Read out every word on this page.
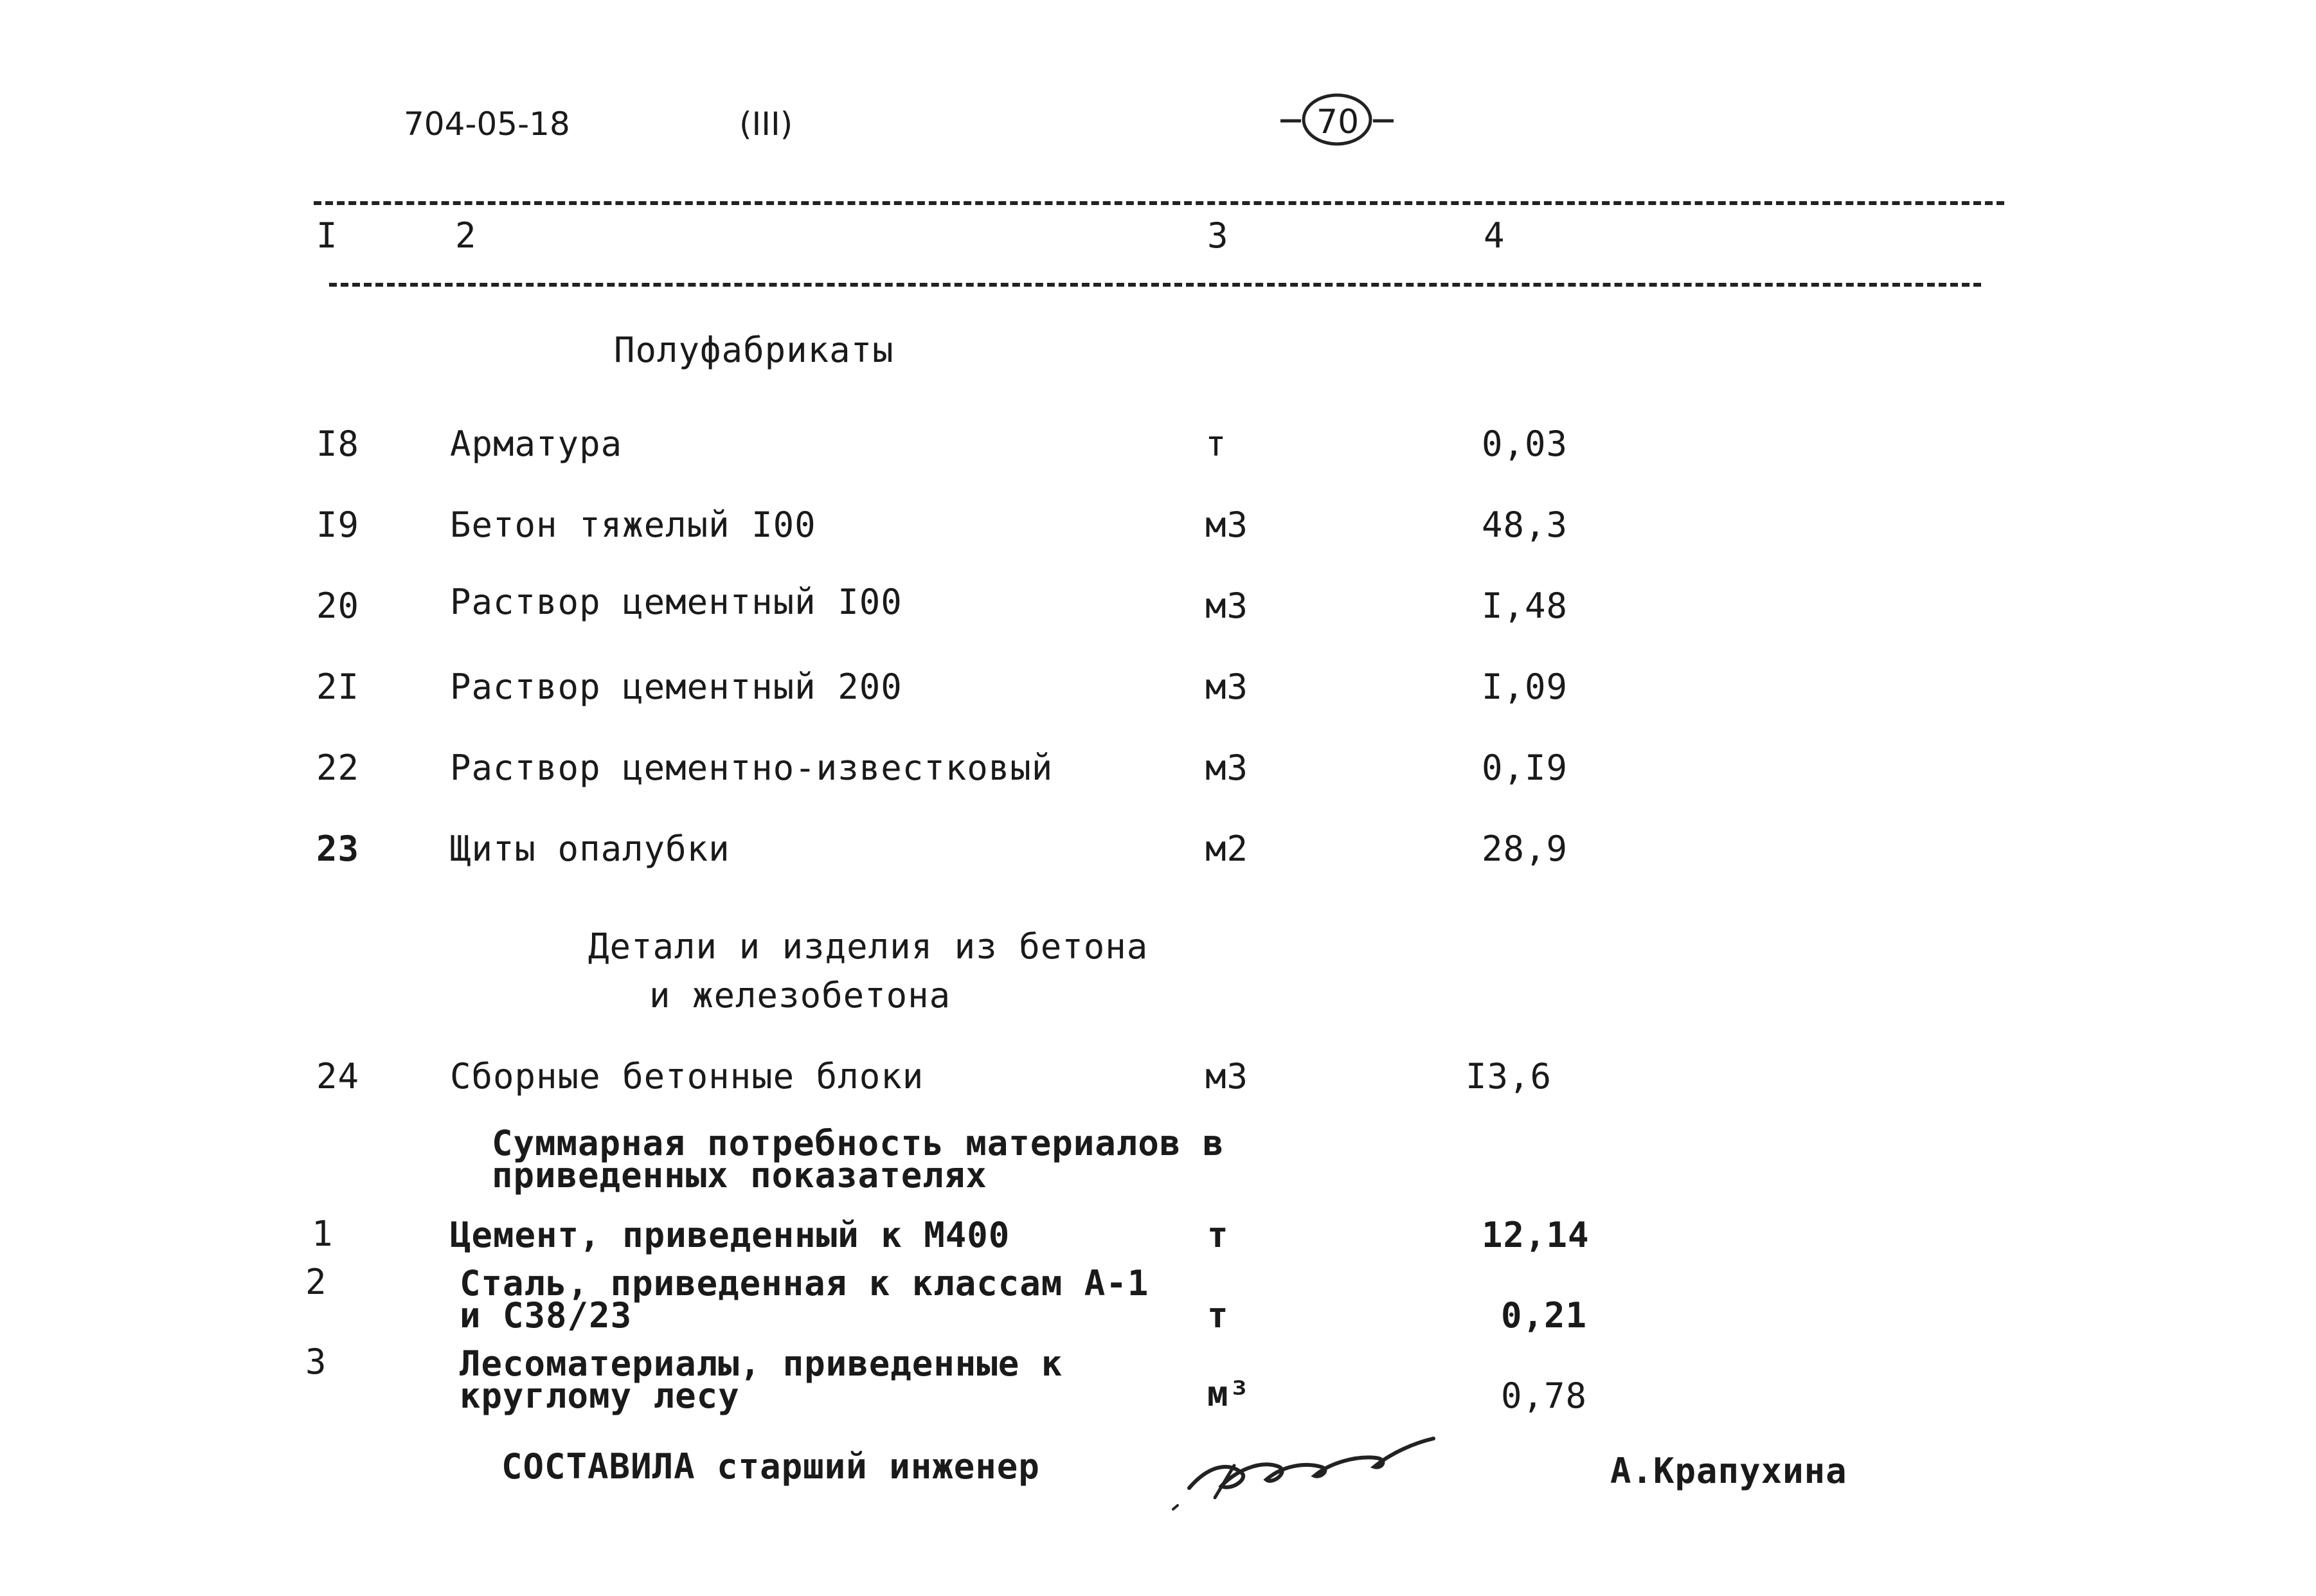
704-05-18	(III)	70
I	2	3	4
Полуфабрикаты
I8	Арматура	т	0,03
I9	Бетон тяжелый I00	м3	48,3
20	Раствор цементный I00	м3	I,48
2I	Раствор цементный 200	м3	I,09
22	Раствор цементно-известковый	м3	0,I9
23	Щиты опалубки	м2	28,9
Детали и изделия из бетона
и железобетона
24	Сборные бетонные блоки	м3	I3,6
Суммарная потребность материалов в
приведенных показателях
1	Цемент, приведенный к М400	т	12,14
2	Сталь, приведенная к классам А-1
и С38/23	т	0,21
3	Лесоматериалы, приведенные к
круглому лесу	м³	0,78
СОСТАВИЛА старший инженер	А.Крапухина
